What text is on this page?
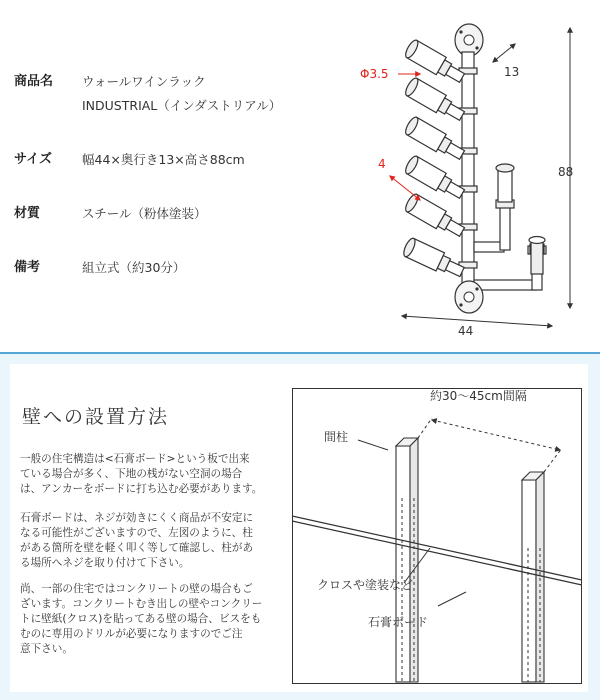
商品名 ウォールワインラック
INDUSTRIAL（インダストリアル）
サイズ 幅44×奥行き13×高さ88cm
材質	スチール（粉体塗装）
備考	組立式（約30分）
Φ3.5
4
13
88
44
壁への設置方法

一般の住宅構造は<石膏ボード>という板で出来
ている場合が多く、下地の桟がない空洞の場合
は、アンカーをボードに打ち込む必要があります。

石膏ボードは、ネジが効きにくく商品が不安定に
なる可能性がございますので、左図のように、柱
がある箇所を壁を軽く叩く等して確認し、柱があ
る場所へネジを取り付けて下さい。

尚、一部の住宅ではコンクリートの壁の場合もご
ざいます。コンクリートむき出しの壁やコンクリー
トに壁紙(クロス)を貼ってある壁の場合、ビスをも
むのに専用のドリルが必要になりますのでご注
意下さい。

約30〜45cm間隔
間柱
クロスや塗装など
石膏ボード
